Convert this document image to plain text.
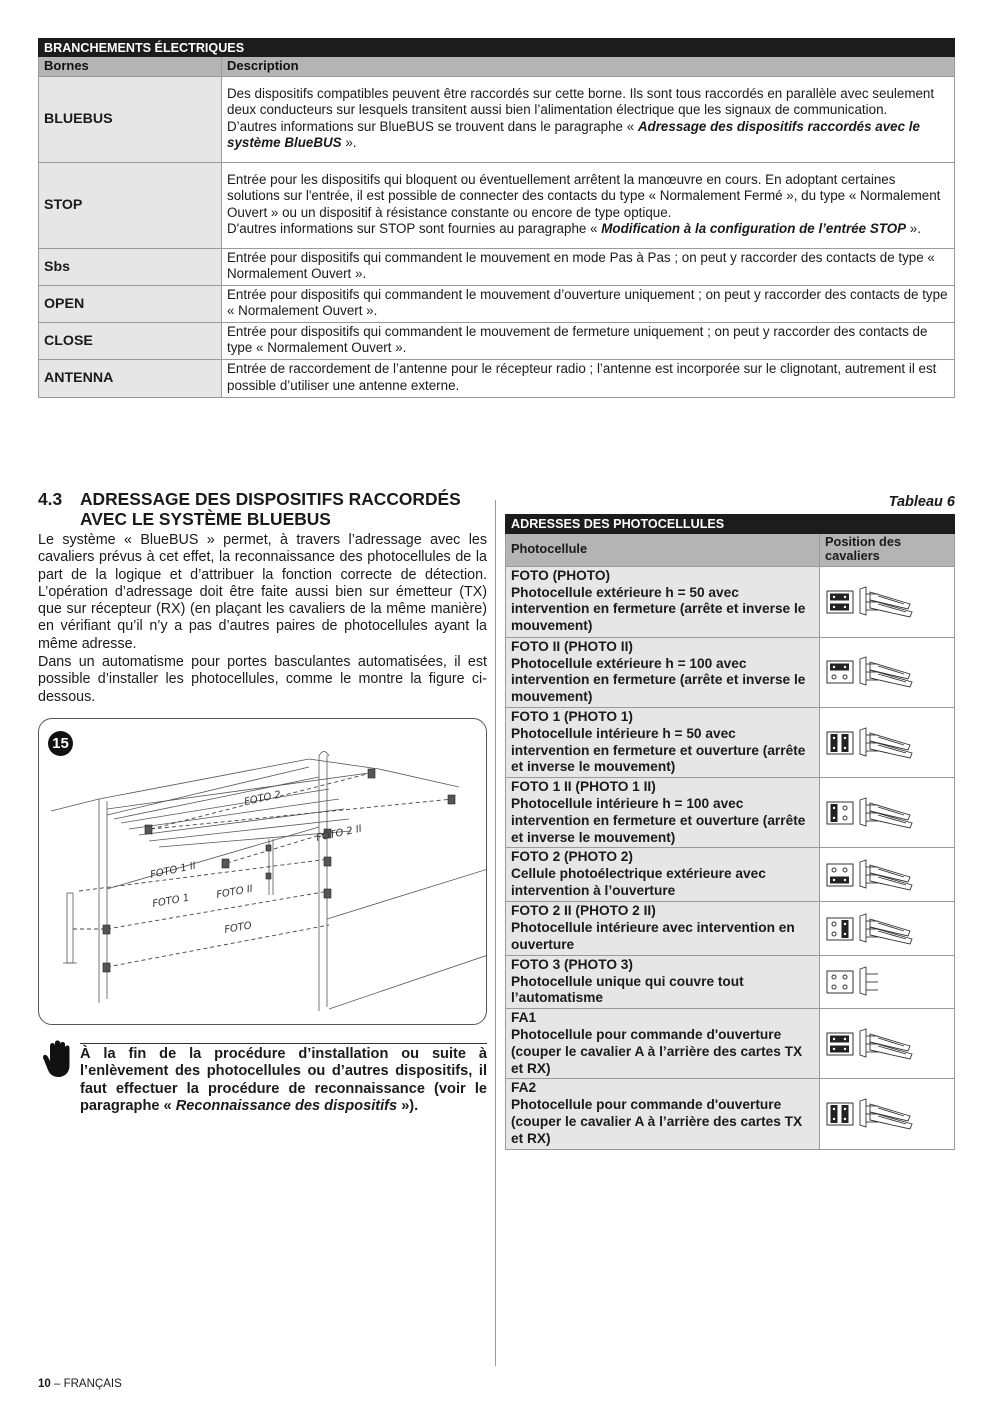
BRANCHEMENTS ÉLECTRIQUES	
Bornes	Description
BLUEBUS	Des dispositifs compatibles peuvent être raccordés sur cette borne. Ils sont tous raccordés en parallèle avec seulement deux conducteurs sur lesquels transitent aussi bien l’alimentation électrique que les signaux de communication.
D’autres informations sur BlueBUS se trouvent dans le paragraphe « Adressage des dispositifs raccordés avec le système BlueBUS ».
STOP	Entrée pour les dispositifs qui bloquent ou éventuellement arrêtent la manœuvre en cours. En adoptant certaines solutions sur l'entrée, il est possible de connecter des contacts du type « Normalement Fermé », du type « Normalement Ouvert » ou un dispositif à résistance constante ou encore de type optique.
D'autres informations sur STOP sont fournies au paragraphe « Modification à la configuration de l’entrée STOP ».
Sbs	Entrée pour dispositifs qui commandent le mouvement en mode Pas à Pas ; on peut y raccorder des contacts de type « Normalement Ouvert ».
OPEN	Entrée pour dispositifs qui commandent le mouvement d’ouverture uniquement ; on peut y raccorder des contacts de type « Normalement Ouvert ».
CLOSE	Entrée pour dispositifs qui commandent le mouvement de fermeture uniquement ; on peut y raccorder des contacts de type « Normalement Ouvert ».
ANTENNA	Entrée de raccordement de l’antenne pour le récepteur radio ; l’antenne est incorporée sur le clignotant, autrement il est possible d’utiliser une antenne externe.
4.3 ADRESSAGE DES DISPOSITIFS RACCORDÉS AVEC LE SYSTÈME BLUEBUS

Le système « BlueBUS » permet, à travers l’adressage avec les cavaliers prévus à cet effet, la reconnaissance des photocellules de la part de la logique et d’attribuer la fonction correcte de détection. L’opération d’adressage doit être faite aussi bien sur émetteur (TX) que sur récepteur (RX) (en plaçant les cavaliers de la même manière) en vérifiant qu’il n’y a pas d’autres paires de photocellules ayant la même adresse.

Dans un automatisme pour portes basculantes automatisées, il est possible d’installer les photocellules, comme le montre la figure ci-dessous.

FOTO 2
FOTO 2 II
FOTO 1 II
FOTO 1
FOTO II
FOTO
15
À la fin de la procédure d’installation ou suite à l’enlèvement des photocellules ou d’autres dispositifs, il faut effectuer la procédure de reconnaissance (voir le paragraphe « Reconnaissance des dispositifs »).
Tableau 6
ADRESSES DES PHOTOCELLULES	
Photocellule	Position des cavaliers

FOTO (PHOTO)
Photocellule extérieure h = 50 avec intervention en fermeture (arrête et inverse le mouvement)

FOTO II (PHOTO II)
Photocellule extérieure h = 100 avec intervention en fermeture (arrête et inverse le mouvement)

FOTO 1 (PHOTO 1)
Photocellule intérieure h = 50 avec intervention en fermeture et ouverture (arrête et inverse le mouvement)

FOTO 1 II (PHOTO 1 II)
Photocellule intérieure h = 100 avec intervention en fermeture et ouverture (arrête et inverse le mouvement)

FOTO 2 (PHOTO 2)
Cellule photoélectrique extérieure avec intervention à l’ouverture

FOTO 2 II (PHOTO 2 II)
Photocellule intérieure avec intervention en ouverture

FOTO 3 (PHOTO 3)
Photocellule unique qui couvre tout l’automatisme

FA1
Photocellule pour commande d'ouverture (couper le cavalier A à l’arrière des cartes TX et RX)

FA2
Photocellule pour commande d'ouverture (couper le cavalier A à l’arrière des cartes TX et RX)

10 – FRANÇAIS
